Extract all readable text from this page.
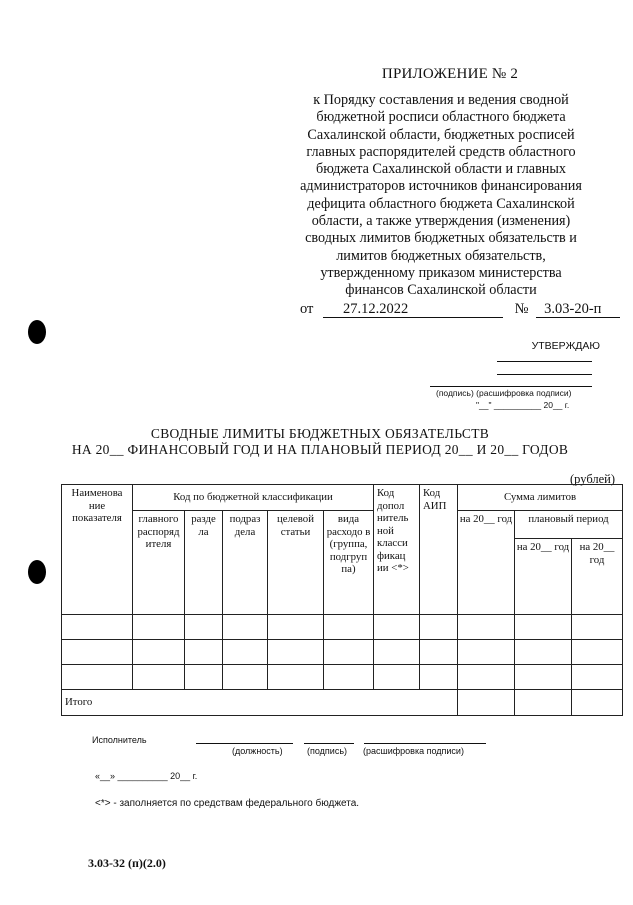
ПРИЛОЖЕНИЕ № 2
к Порядку составления и ведения сводной
бюджетной росписи областного бюджета
Сахалинской области, бюджетных росписей
главных распорядителей средств областного
бюджета Сахалинской области и главных
администраторов источников финансирования
дефицита областного бюджета Сахалинской
области, а также утверждения (изменения)
сводных лимитов бюджетных обязательств и
лимитов бюджетных обязательств,
утвержденному приказом министерства
финансов Сахалинской области
от 27.12.2022	№ 3.03-20-п
УТВЕРЖДАЮ
(подпись) (расшифровка подписи)
"__" __________ 20__ г.
СВОДНЫЕ ЛИМИТЫ БЮДЖЕТНЫХ ОБЯЗАТЕЛЬСТВ
НА 20__ ФИНАНСОВЫЙ ГОД И НА ПЛАНОВЫЙ ПЕРИОД 20__ И 20__ ГОДОВ
(рублей)
Наименова ние показателя	Код по бюджетной классификации					Код допол нитель ной класси фикац ии <*>	Код АИП	Сумма лимитов		
	главного распоряд ителя	разде ла	подраз дела	целевой статьи	вида расходо в (группа, подгруп па)			на 20__ год	плановый период	
									на 20__ год	на 20__ год

Итого										
Исполнитель
(должность)	(подпись) (расшифровка подписи)
«__» __________ 20__ г.
<*> - заполняется по средствам федерального бюджета.
3.03-32 (п)(2.0)
